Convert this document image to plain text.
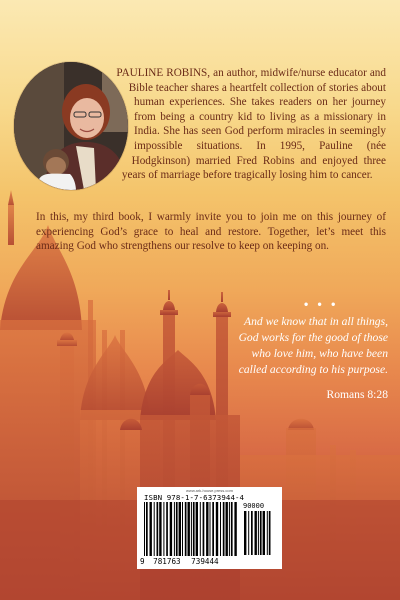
PAULINE ROBINS, an author, midwife/nurse educator and Bible teacher shares a heartfelt collection of stories about human experiences. She takes readers on her journey from being a country kid to living as a missionary in India. She has seen God perform miracles in seemingly impossible situations. In 1995, Pauline (née Hodgkinson) married Fred Robins and enjoyed three years of marriage before tragically losing him to cancer.

In this, my third book, I warmly invite you to join me on this journey of experiencing God’s grace to heal and restore. Together, let’s meet this amazing God who strengthens our resolve to keep on keeping on.

• • •

And we know that in all things, God works for the good of those who love him, who have been called according to his purpose.

Romans 8:28

www.ark-house.press.com
ISBN 978-1-7-6373944-4
90000
9 781763 739444
